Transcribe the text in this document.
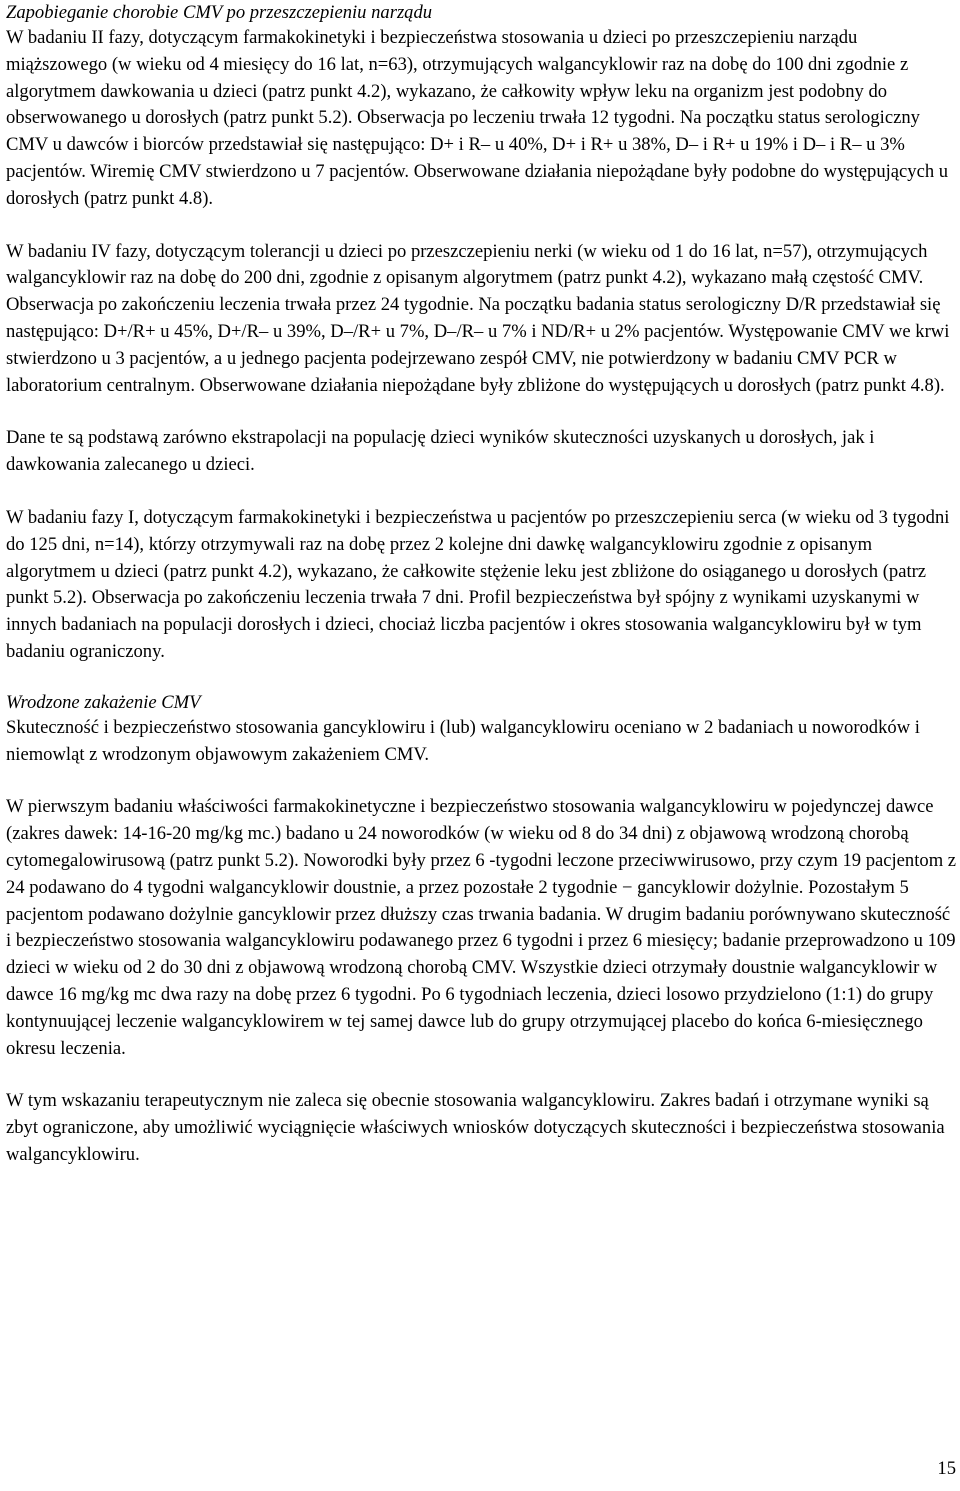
Zapobieganie chorobie CMV po przeszczepieniu narządu

W badaniu II fazy, dotyczącym farmakokinetyki i bezpieczeństwa stosowania u dzieci po przeszczepieniu narządu miąższowego (w wieku od 4 miesięcy do 16 lat, n=63), otrzymujących walgancyklowir raz na dobę do 100 dni zgodnie z algorytmem dawkowania u dzieci (patrz punkt 4.2), wykazano, że całkowity wpływ leku na organizm jest podobny do obserwowanego u dorosłych (patrz punkt 5.2). Obserwacja po leczeniu trwała 12 tygodni. Na początku status serologiczny CMV u dawców i biorców przedstawiał się następująco: D+ i R– u 40%, D+ i R+ u 38%, D– i R+ u 19% i D– i R– u 3% pacjentów. Wiremię CMV stwierdzono u 7 pacjentów. Obserwowane działania niepożądane były podobne do występujących u dorosłych (patrz punkt 4.8).

W badaniu IV fazy, dotyczącym tolerancji u dzieci po przeszczepieniu nerki (w wieku od 1 do 16 lat, n=57), otrzymujących walgancyklowir raz na dobę do 200 dni, zgodnie z opisanym algorytmem (patrz punkt 4.2), wykazano małą częstość CMV. Obserwacja po zakończeniu leczenia trwała przez 24 tygodnie. Na początku badania status serologiczny D/R przedstawiał się następująco: D+/R+ u 45%, D+/R– u 39%, D–/R+ u 7%, D–/R– u 7% i ND/R+ u 2% pacjentów. Występowanie CMV we krwi stwierdzono u 3 pacjentów, a u jednego pacjenta podejrzewano zespół CMV, nie potwierdzony w badaniu CMV PCR w laboratorium centralnym. Obserwowane działania niepożądane były zbliżone do występujących u dorosłych (patrz punkt 4.8).

Dane te są podstawą zarówno ekstrapolacji na populację dzieci wyników skuteczności uzyskanych u dorosłych, jak i dawkowania zalecanego u dzieci.

W badaniu fazy I, dotyczącym farmakokinetyki i bezpieczeństwa u pacjentów po przeszczepieniu serca (w wieku od 3 tygodni do 125 dni, n=14), którzy otrzymywali raz na dobę przez 2 kolejne dni dawkę walgancyklowiru zgodnie z opisanym algorytmem u dzieci (patrz punkt 4.2), wykazano, że całkowite stężenie leku jest zbliżone do osiąganego u dorosłych (patrz punkt 5.2). Obserwacja po zakończeniu leczenia trwała 7 dni. Profil bezpieczeństwa był spójny z wynikami uzyskanymi w innych badaniach na populacji dorosłych i dzieci, chociaż liczba pacjentów i okres stosowania walgancyklowiru był w tym badaniu ograniczony.

Wrodzone zakażenie CMV

Skuteczność i bezpieczeństwo stosowania gancyklowiru i (lub) walgancyklowiru oceniano w 2 badaniach u noworodków i niemowląt z wrodzonym objawowym zakażeniem CMV.

W pierwszym badaniu właściwości farmakokinetyczne i bezpieczeństwo stosowania walgancyklowiru w pojedynczej dawce (zakres dawek: 14-16-20 mg/kg mc.) badano u 24 noworodków (w wieku od 8 do 34 dni) z objawową wrodzoną chorobą cytomegalowirusową (patrz punkt 5.2). Noworodki były przez 6 -tygodni leczone przeciwwirusowo, przy czym 19 pacjentom z 24 podawano do 4 tygodni walgancyklowir doustnie, a przez pozostałe 2 tygodnie − gancyklowir dożylnie. Pozostałym 5 pacjentom podawano dożylnie gancyklowir przez dłuższy czas trwania badania. W drugim badaniu porównywano skuteczność i bezpieczeństwo stosowania walgancyklowiru podawanego przez 6 tygodni i przez 6 miesięcy; badanie przeprowadzono u 109 dzieci w wieku od 2 do 30 dni z objawową wrodzoną chorobą CMV. Wszystkie dzieci otrzymały doustnie walgancyklowir w dawce 16 mg/kg mc dwa razy na dobę przez 6 tygodni. Po 6 tygodniach leczenia, dzieci losowo przydzielono (1:1) do grupy kontynuującej leczenie walgancyklowirem w tej samej dawce lub do grupy otrzymującej placebo do końca 6-miesięcznego okresu leczenia.

W tym wskazaniu terapeutycznym nie zaleca się obecnie stosowania walgancyklowiru. Zakres badań i otrzymane wyniki są zbyt ograniczone, aby umożliwić wyciągnięcie właściwych wniosków dotyczących skuteczności i bezpieczeństwa stosowania walgancyklowiru.

15
